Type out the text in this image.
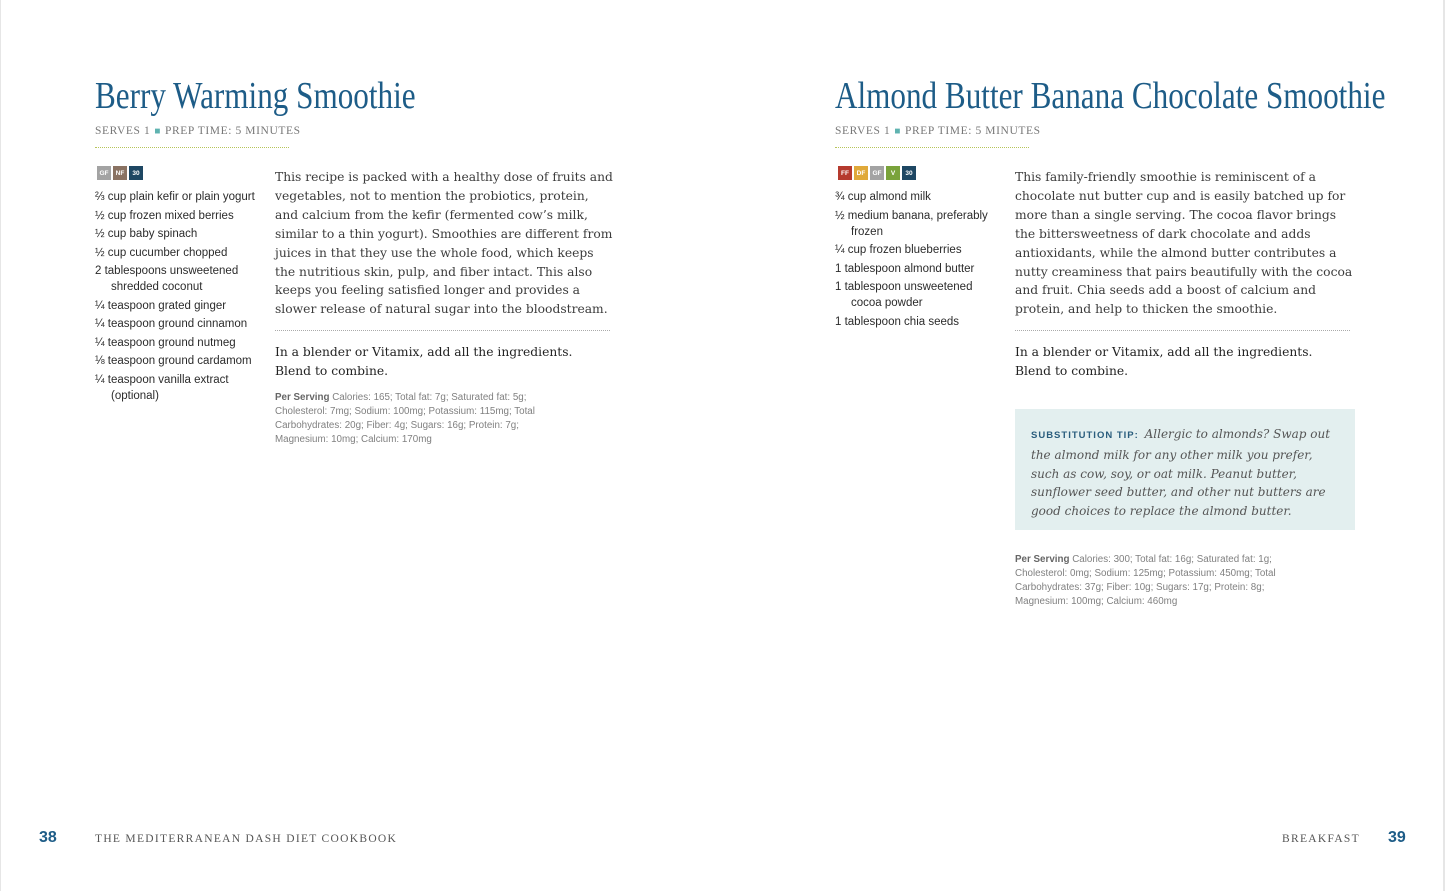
Berry Warming Smoothie
SERVES 1 ■ PREP TIME: 5 MINUTES
GF	NF	30
⅔ cup plain kefir or plain yogurt
½ cup frozen mixed berries
½ cup baby spinach
½ cup cucumber chopped
2 tablespoons unsweetened shredded coconut
¼ teaspoon grated ginger
¼ teaspoon ground cinnamon
¼ teaspoon ground nutmeg
⅛ teaspoon ground cardamom
¼ teaspoon vanilla extract (optional)

This recipe is packed with a healthy dose of fruits and vegetables, not to mention the probiotics, protein, and calcium from the kefir (fermented cow’s milk, similar to a thin yogurt). Smoothies are different from juices in that they use the whole food, which keeps the nutritious skin, pulp, and fiber intact. This also keeps you feeling satisfied longer and provides a slower release of natural sugar into the bloodstream.

In a blender or Vitamix, add all the ingredients. Blend to combine.

Per Serving Calories: 165; Total fat: 7g; Saturated fat: 5g; Cholesterol: 7mg; Sodium: 100mg; Potassium: 115mg; Total Carbohydrates: 20g; Fiber: 4g; Sugars: 16g; Protein: 7g; Magnesium: 10mg; Calcium: 170mg

Almond Butter Banana Chocolate Smoothie
SERVES 1 ■ PREP TIME: 5 MINUTES
FF	DF	GF	V	30
¾ cup almond milk
½ medium banana, preferably frozen
¼ cup frozen blueberries
1 tablespoon almond butter
1 tablespoon unsweetened cocoa powder
1 tablespoon chia seeds

This family-friendly smoothie is reminiscent of a chocolate nut butter cup and is easily batched up for more than a single serving. The cocoa flavor brings the bittersweetness of dark chocolate and adds antioxidants, while the almond butter contributes a nutty creaminess that pairs beautifully with the cocoa and fruit. Chia seeds add a boost of calcium and protein, and help to thicken the smoothie.

In a blender or Vitamix, add all the ingredients. Blend to combine.

SUBSTITUTION TIP: Allergic to almonds? Swap out the almond milk for any other milk you prefer, such as cow, soy, or oat milk. Peanut butter, sunflower seed butter, and other nut butters are good choices to replace the almond butter.

Per Serving Calories: 300; Total fat: 16g; Saturated fat: 1g; Cholesterol: 0mg; Sodium: 125mg; Potassium: 450mg; Total Carbohydrates: 37g; Fiber: 10g; Sugars: 17g; Protein: 8g; Magnesium: 100mg; Calcium: 460mg

38	THE MEDITERRANEAN DASH DIET COOKBOOK	BREAKFAST 39
